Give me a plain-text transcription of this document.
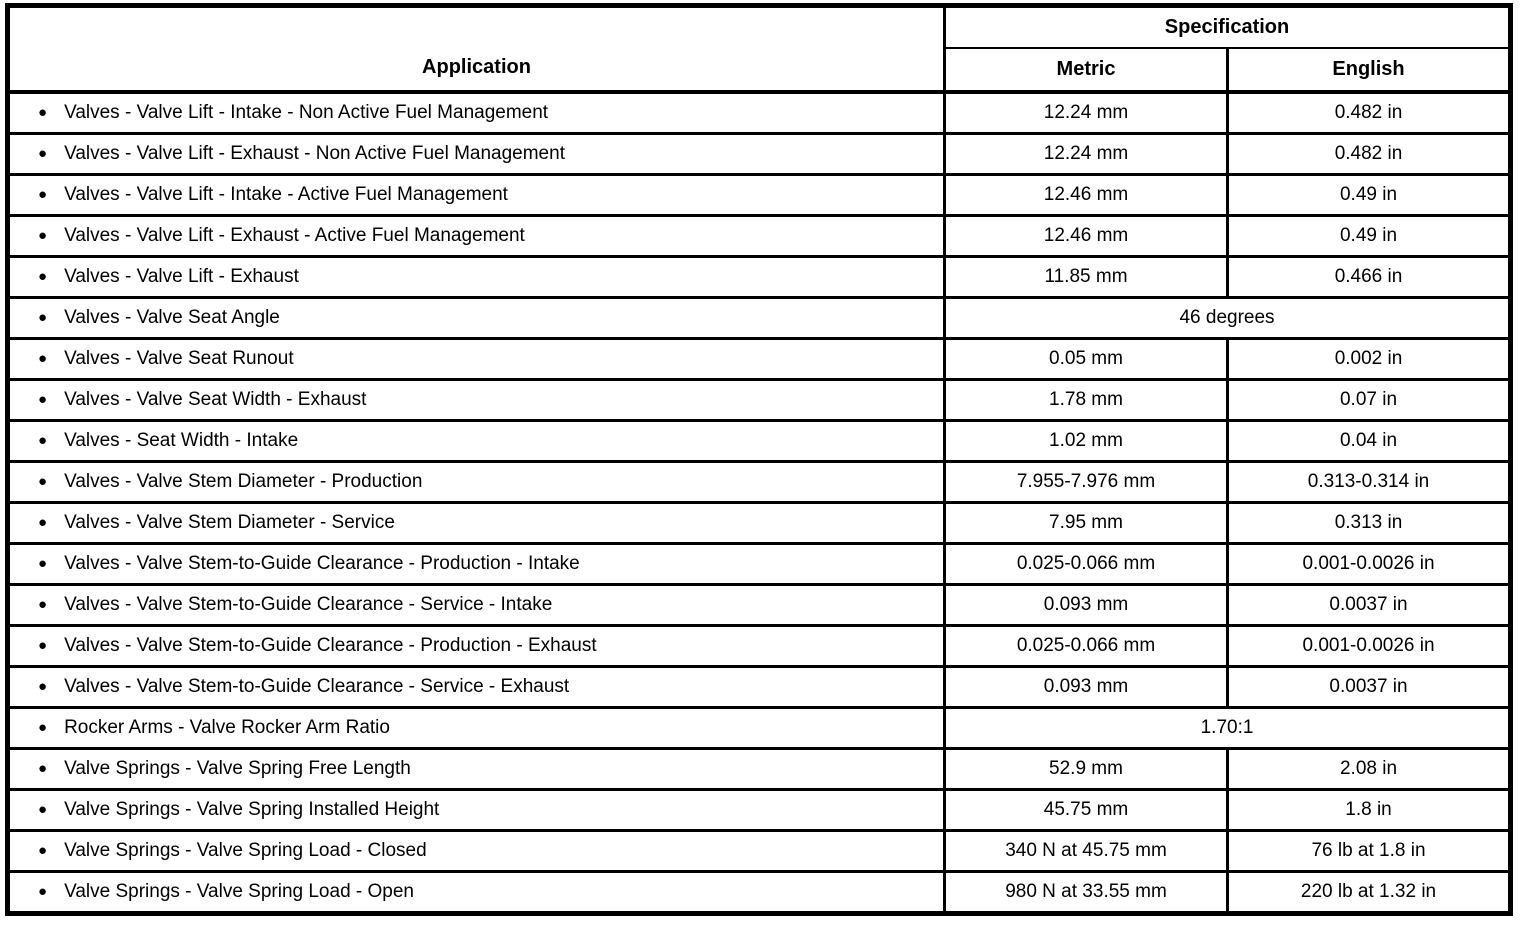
Application	Specification	
	Metric	English
● Valves - Valve Lift - Intake - Non Active Fuel Management	12.24 mm	0.482 in
● Valves - Valve Lift - Exhaust - Non Active Fuel Management	12.24 mm	0.482 in
● Valves - Valve Lift - Intake - Active Fuel Management	12.46 mm	0.49 in
● Valves - Valve Lift - Exhaust - Active Fuel Management	12.46 mm	0.49 in
● Valves - Valve Lift - Exhaust	11.85 mm	0.466 in
● Valves - Valve Seat Angle	46 degrees	
● Valves - Valve Seat Runout	0.05 mm	0.002 in
● Valves - Valve Seat Width - Exhaust	1.78 mm	0.07 in
● Valves - Seat Width - Intake	1.02 mm	0.04 in
● Valves - Valve Stem Diameter - Production	7.955-7.976 mm	0.313-0.314 in
● Valves - Valve Stem Diameter - Service	7.95 mm	0.313 in
● Valves - Valve Stem-to-Guide Clearance - Production - Intake	0.025-0.066 mm	0.001-0.0026 in
● Valves - Valve Stem-to-Guide Clearance - Service - Intake	0.093 mm	0.0037 in
● Valves - Valve Stem-to-Guide Clearance - Production - Exhaust	0.025-0.066 mm	0.001-0.0026 in
● Valves - Valve Stem-to-Guide Clearance - Service - Exhaust	0.093 mm	0.0037 in
● Rocker Arms - Valve Rocker Arm Ratio	1.70:1	
● Valve Springs - Valve Spring Free Length	52.9 mm	2.08 in
● Valve Springs - Valve Spring Installed Height	45.75 mm	1.8 in
● Valve Springs - Valve Spring Load - Closed	340 N at 45.75 mm	76 lb at 1.8 in
● Valve Springs - Valve Spring Load - Open	980 N at 33.55 mm	220 lb at 1.32 in
